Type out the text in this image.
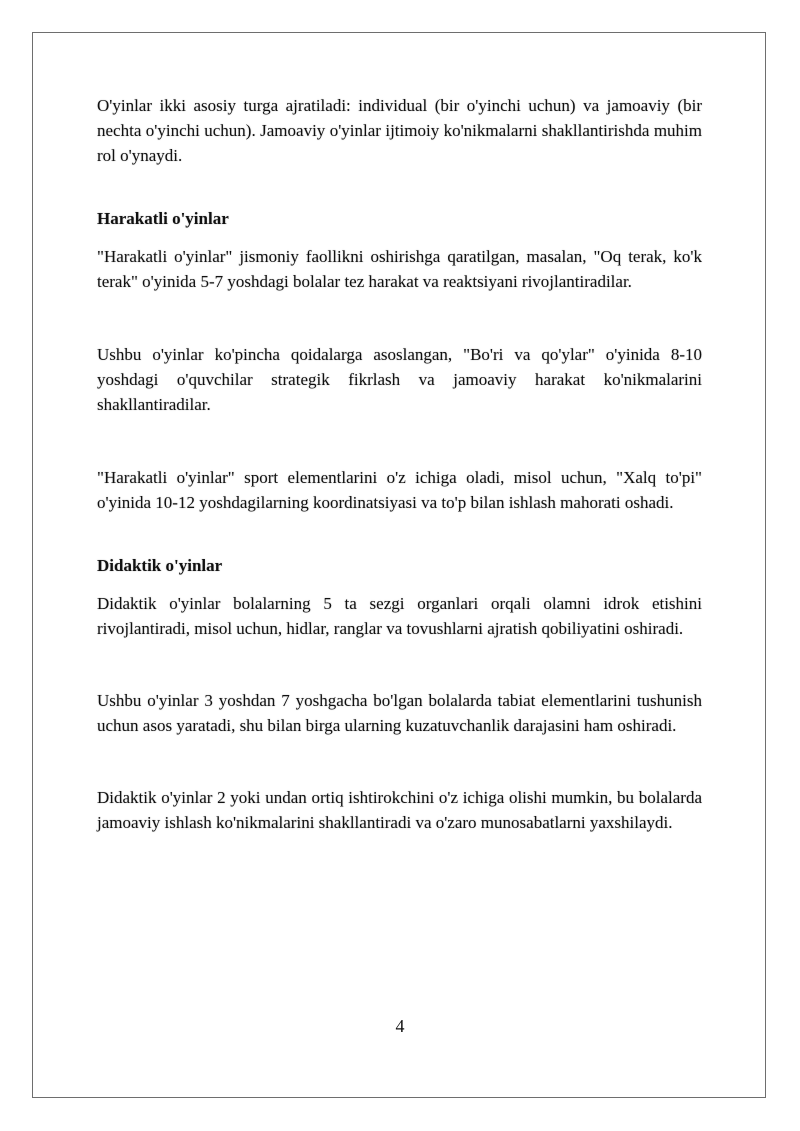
O'yinlar ikki asosiy turga ajratiladi: individual (bir o'yinchi uchun) va jamoaviy (bir nechta o'yinchi uchun). Jamoaviy o'yinlar ijtimoiy ko'nikmalarni shakllantirishda muhim rol o'ynaydi.

Harakatli o'yinlar

"Harakatli o'yinlar" jismoniy faollikni oshirishga qaratilgan, masalan, "Oq terak, ko'k terak" o'yinida 5-7 yoshdagi bolalar tez harakat va reaktsiyani rivojlantiradilar.

Ushbu o'yinlar ko'pincha qoidalarga asoslangan, "Bo'ri va qo'ylar" o'yinida 8-10 yoshdagi o'quvchilar strategik fikrlash va jamoaviy harakat ko'nikmalarini shakllantiradilar.

"Harakatli o'yinlar" sport elementlarini o'z ichiga oladi, misol uchun, "Xalq to'pi" o'yinida 10-12 yoshdagilarning koordinatsiyasi va to'p bilan ishlash mahorati oshadi.

Didaktik o'yinlar

Didaktik o'yinlar bolalarning 5 ta sezgi organlari orqali olamni idrok etishini rivojlantiradi, misol uchun, hidlar, ranglar va tovushlarni ajratish qobiliyatini oshiradi.

Ushbu o'yinlar 3 yoshdan 7 yoshgacha bo'lgan bolalarda tabiat elementlarini tushunish uchun asos yaratadi, shu bilan birga ularning kuzatuvchanlik darajasini ham oshiradi.

Didaktik o'yinlar 2 yoki undan ortiq ishtirokchini o'z ichiga olishi mumkin, bu bolalarda jamoaviy ishlash ko'nikmalarini shakllantiradi va o'zaro munosabatlarni yaxshilaydi.

4
